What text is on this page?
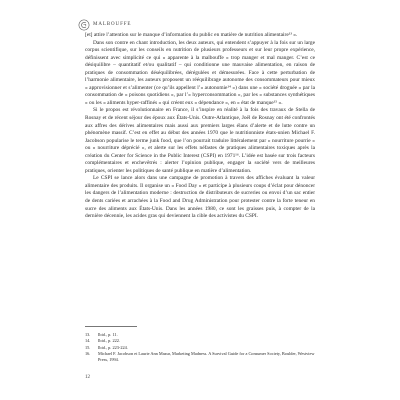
MALBOUFFE

[et] attire l’attention sur le manque d’information du public en matière de nutrition alimentaire¹³ ».

Dans son contre en chant introduction, les deux auteurs, qui entendent s’appuyer à la fois sur un large corpus scientifique, sur les conseils en nutrition de plusieurs professeurs et sur leur propre expérience, définissent avec simplicité ce qui « apparente à la malbouffe » trop manger et mal manger. C’est ce désiquilibre – quantitatif et/ou qualitatif – qui conditionne une mauvaise alimentation, en raison de pratiques de consommation déséquilibrées, dérégulées et démesurées. Face à cette perturbation de l’harmonie alimentaire, les auteurs proposent un rééquilibrage autonome des consommateurs pour mieux « approvisionner et s’alimenter (ce qu’ils appellent l’« autonomie¹⁴ ») dans une « société droguée » par la consommation de « poisons quotidiens », par l’« hyperconsommation », par les « substances synthétiques » ou les « aliments hyper-raffinés » qui créent eux « dépendance », en « état de manque¹⁵ ».

Si le propos est révolutionnaire en France, il s’inspire en réalité à la fois des travaux de Stella de Rosnay et de récent séjour des époux aux États-Unis. Outre-Atlantique, Joël de Rosnay ont été confrontés aux affres des dérives alimentaires mais aussi aux premiers larges élans d’alerte et de lutte contre un phénomène massif. C’est en effet au début des années 1970 que le nutritionniste états-unien Michael F. Jacobson popularise le terme junk food, que l’on pourrait traduire littéralement par « nourriture pourrie » ou « nourriture déprécié », et alerte sur les effets néfastes de pratiques alimentaires toxiques après la création du Center for Science in the Public Interest (CSPI) en 1971¹⁶. L’idée est basée sur trois facteurs complémentaires et enchevêtrés : alerter l’opinion publique, engager la société vers de meilleures pratiques, orienter les politiques de santé publique en matière d’alimentation.

Le CSPI se lance alors dans une campagne de promotion à travers des affiches évaluant la valeur alimentaire des produits. Il organise un « Food Day » et participe à plusieurs coups d’éclat pour dénoncer les dangers de l’alimentation moderne : destruction de distributeurs de sucreries ou envoi d’un sac entier de dents cariées et arrachées à la Food and Drug Administration pour protester contre la forte teneur en sucre des aliments aux États-Unis. Dans les années 1980, ce sont les graisses puis, à compter de la dernière décennie, les acides gras qui deviennent la cible des activistes du CSPI.

13.	Ibid., p. 11.
14.	Ibid., p. 222.
15.	Ibid., p. 223-224.
16.	Michael F. Jacobson et Laurie Ann Mazur, Marketing Madness. A Survival Guide for a Consumer Society, Boulder, Westview Press, 1994.
12
